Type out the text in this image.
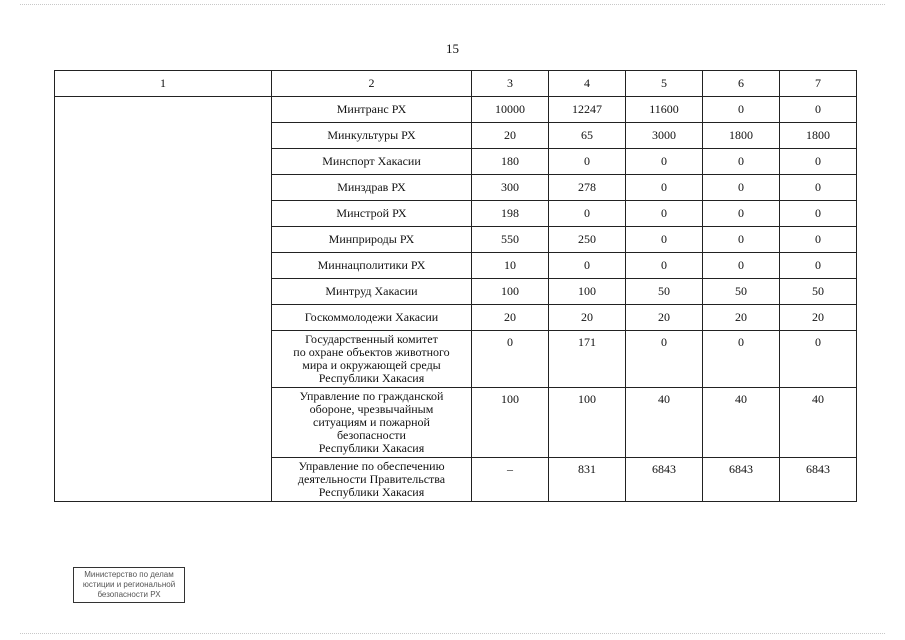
15
1	2	3	4	5	6	7
	Минтранс РХ	10000	12247	11600	0	0
	Минкультуры РХ	20	65	3000	1800	1800
	Минспорт Хакасии	180	0	0	0	0
	Минздрав РХ	300	278	0	0	0
	Минстрой РХ	198	0	0	0	0
	Минприроды РХ	550	250	0	0	0
	Миннацполитики РХ	10	0	0	0	0
	Минтруд Хакасии	100	100	50	50	50
	Госкоммолодежи Хакасии	20	20	20	20	20
	Государственный комитет
по охране объектов животного
мира и окружающей среды
Республики Хакасия	0	171	0	0	0
	Управление по гражданской
обороне, чрезвычайным
ситуациям и пожарной
безопасности
Республики Хакасия	100	100	40	40	40
	Управление по обеспечению
деятельности Правительства
Республики Хакасия	–	831	6843	6843	6843
Министерство по делам
юстиции и региональной
безопасности РХ
